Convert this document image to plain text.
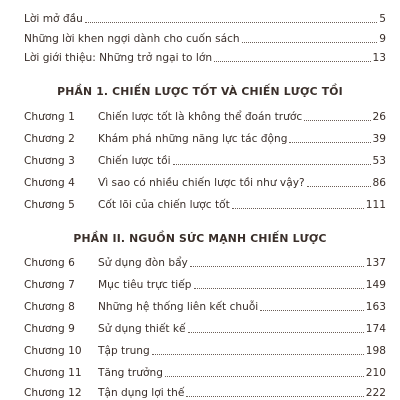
Lời mở đầu	5
Những lời khen ngợi dành cho cuốn sách	9
Lời giới thiệu: Những trở ngại to lớn	13
PHẦN 1. CHIẾN LƯỢC TỐT VÀ CHIẾN LƯỢC TỒI
Chương 1	Chiến lược tốt là không thể đoán trước	26
Chương 2	Khám phá những năng lực tác động	39
Chương 3	Chiến lược tồi	53
Chương 4	Vì sao có nhiều chiến lược tồi như vậy?	86
Chương 5	Cốt lõi của chiến lược tốt	111
PHẦN II. NGUỒN SỨC MẠNH CHIẾN LƯỢC
Chương 6	Sử dụng đòn bẩy	137
Chương 7	Mục tiêu trực tiếp	149
Chương 8	Những hệ thống liên kết chuỗi	163
Chương 9	Sử dụng thiết kế	174
Chương 10	Tập trung	198
Chương 11	Tăng trưởng	210
Chương 12	Tận dụng lợi thế	222
